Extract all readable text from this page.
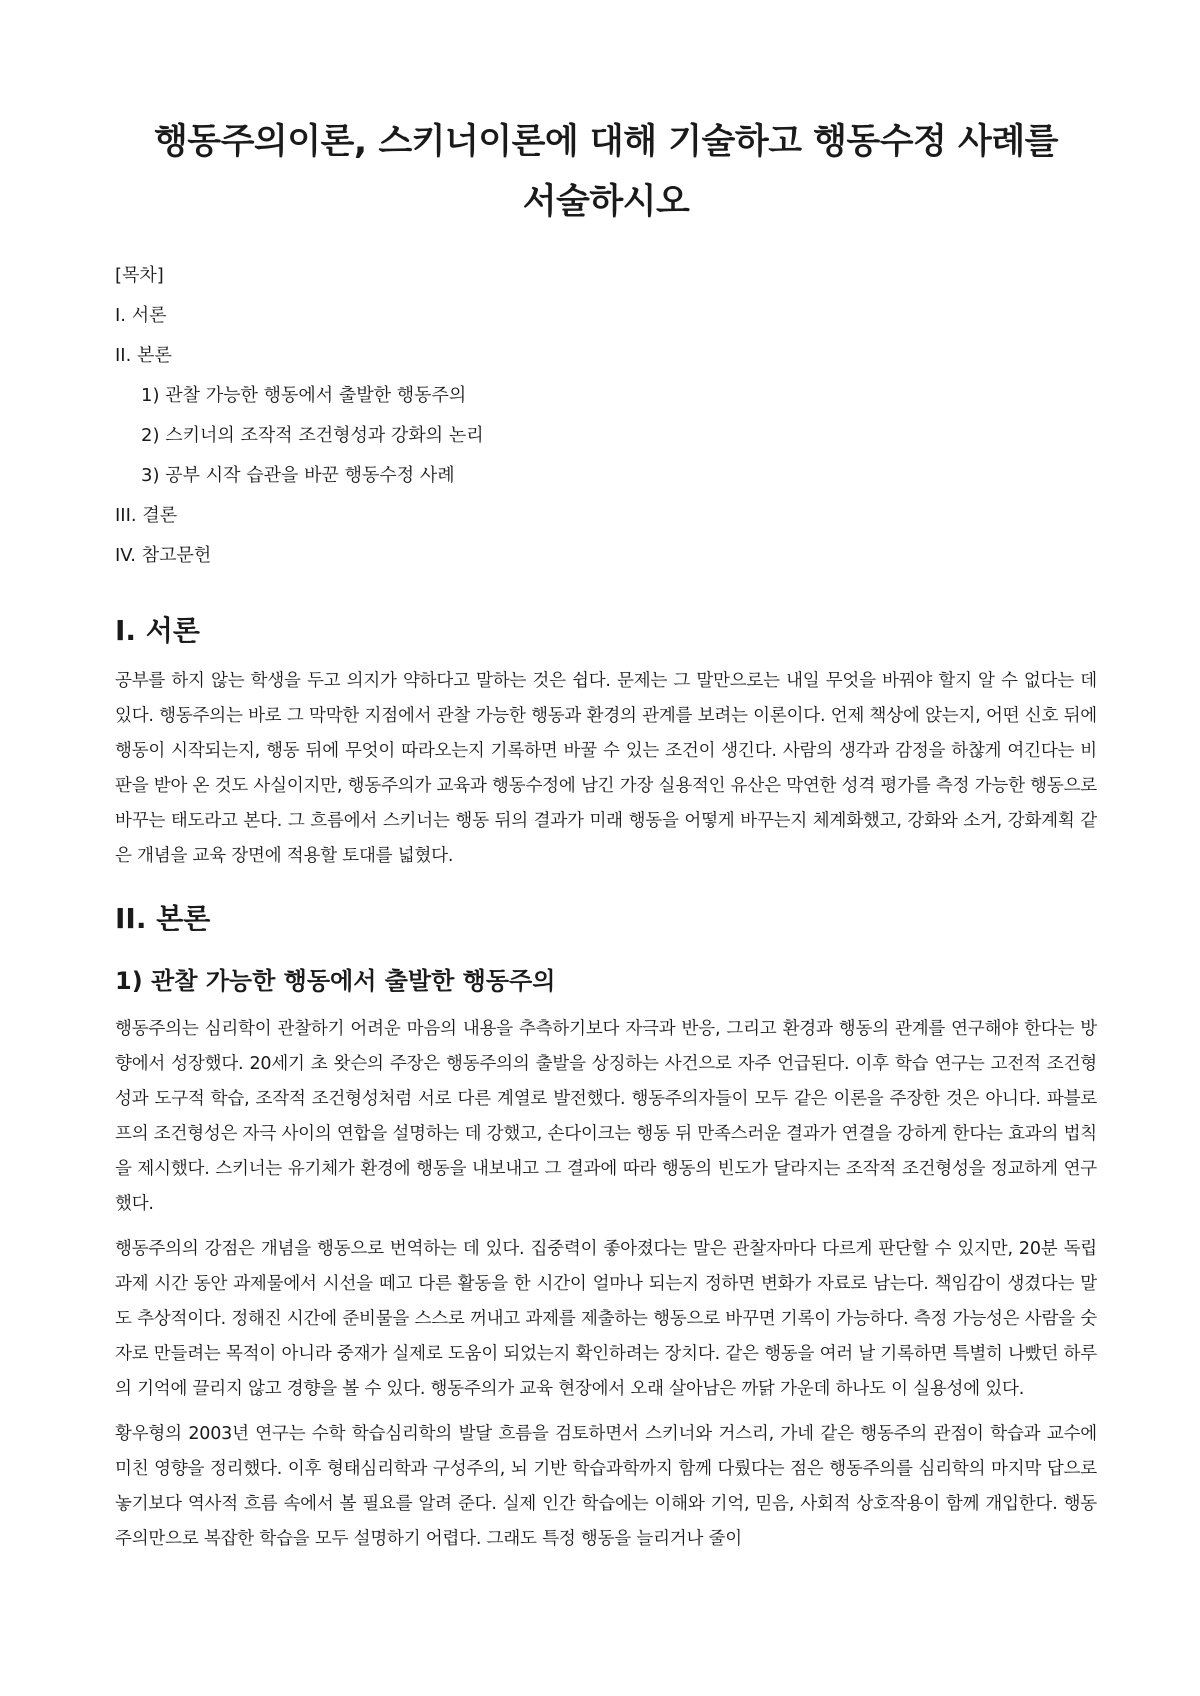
행동주의이론, 스키너이론에 대해 기술하고 행동수정 사례를
서술하시오
[목차]
I. 서론
II. 본론
1) 관찰 가능한 행동에서 출발한 행동주의
2) 스키너의 조작적 조건형성과 강화의 논리
3) 공부 시작 습관을 바꾼 행동수정 사례
III. 결론
IV. 참고문헌
I. 서론

공부를 하지 않는 학생을 두고 의지가 약하다고 말하는 것은 쉽다. 문제는 그 말만으로는 내일 무엇을 바꿔야 할지 알 수 없다는 데 있다. 행동주의는 바로 그 막막한 지점에서 관찰 가능한 행동과 환경의 관계를 보려는 이론이다. 언제 책상에 앉는지, 어떤 신호 뒤에 행동이 시작되는지, 행동 뒤에 무엇이 따라오는지 기록하면 바꿀 수 있는 조건이 생긴다. 사람의 생각과 감정을 하찮게 여긴다는 비판을 받아 온 것도 사실이지만, 행동주의가 교육과 행동수정에 남긴 가장 실용적인 유산은 막연한 성격 평가를 측정 가능한 행동으로 바꾸는 태도라고 본다. 그 흐름에서 스키너는 행동 뒤의 결과가 미래 행동을 어떻게 바꾸는지 체계화했고, 강화와 소거, 강화계획 같은 개념을 교육 장면에 적용할 토대를 넓혔다.

II. 본론
1) 관찰 가능한 행동에서 출발한 행동주의

행동주의는 심리학이 관찰하기 어려운 마음의 내용을 추측하기보다 자극과 반응, 그리고 환경과 행동의 관계를 연구해야 한다는 방향에서 성장했다. 20세기 초 왓슨의 주장은 행동주의의 출발을 상징하는 사건으로 자주 언급된다. 이후 학습 연구는 고전적 조건형성과 도구적 학습, 조작적 조건형성처럼 서로 다른 계열로 발전했다. 행동주의자들이 모두 같은 이론을 주장한 것은 아니다. 파블로프의 조건형성은 자극 사이의 연합을 설명하는 데 강했고, 손다이크는 행동 뒤 만족스러운 결과가 연결을 강하게 한다는 효과의 법칙을 제시했다. 스키너는 유기체가 환경에 행동을 내보내고 그 결과에 따라 행동의 빈도가 달라지는 조작적 조건형성을 정교하게 연구했다.

행동주의의 강점은 개념을 행동으로 번역하는 데 있다. 집중력이 좋아졌다는 말은 관찰자마다 다르게 판단할 수 있지만, 20분 독립과제 시간 동안 과제물에서 시선을 떼고 다른 활동을 한 시간이 얼마나 되는지 정하면 변화가 자료로 남는다. 책임감이 생겼다는 말도 추상적이다. 정해진 시간에 준비물을 스스로 꺼내고 과제를 제출하는 행동으로 바꾸면 기록이 가능하다. 측정 가능성은 사람을 숫자로 만들려는 목적이 아니라 중재가 실제로 도움이 되었는지 확인하려는 장치다. 같은 행동을 여러 날 기록하면 특별히 나빴던 하루의 기억에 끌리지 않고 경향을 볼 수 있다. 행동주의가 교육 현장에서 오래 살아남은 까닭 가운데 하나도 이 실용성에 있다.

황우형의 2003년 연구는 수학 학습심리학의 발달 흐름을 검토하면서 스키너와 거스리, 가네 같은 행동주의 관점이 학습과 교수에 미친 영향을 정리했다. 이후 형태심리학과 구성주의, 뇌 기반 학습과학까지 함께 다뤘다는 점은 행동주의를 심리학의 마지막 답으로 놓기보다 역사적 흐름 속에서 볼 필요를 알려 준다. 실제 인간 학습에는 이해와 기억, 믿음, 사회적 상호작용이 함께 개입한다. 행동주의만으로 복잡한 학습을 모두 설명하기 어렵다. 그래도 특정 행동을 늘리거나 줄이
